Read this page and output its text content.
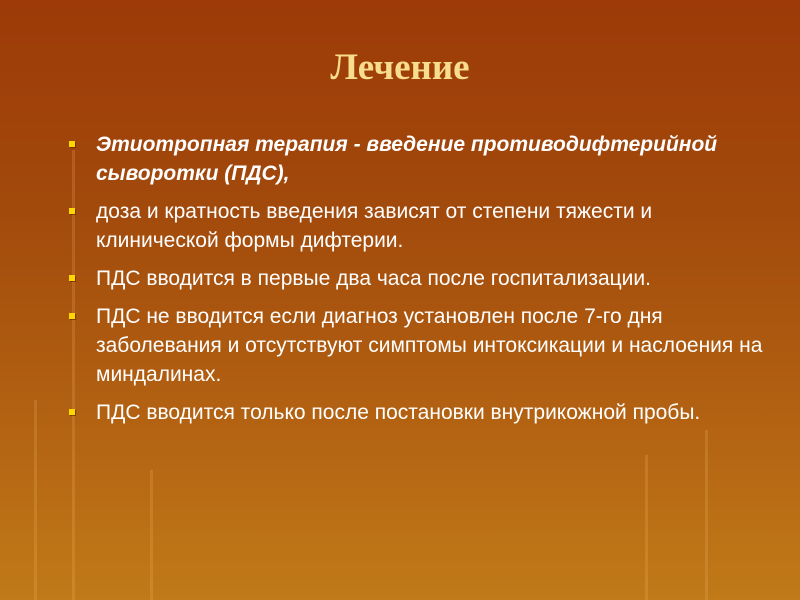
Лечение
Этиотропная терапия - введение противодифтерийной сыворотки (ПДС),
доза и кратность введения зависят от степени тяжести и клинической формы дифтерии.
ПДС вводится в первые два часа после госпитализации.
ПДС не вводится если диагноз установлен после 7-го дня заболевания и отсутствуют симптомы интоксикации и наслоения на миндалинах.
ПДС вводится только после постановки внутрикожной пробы.
